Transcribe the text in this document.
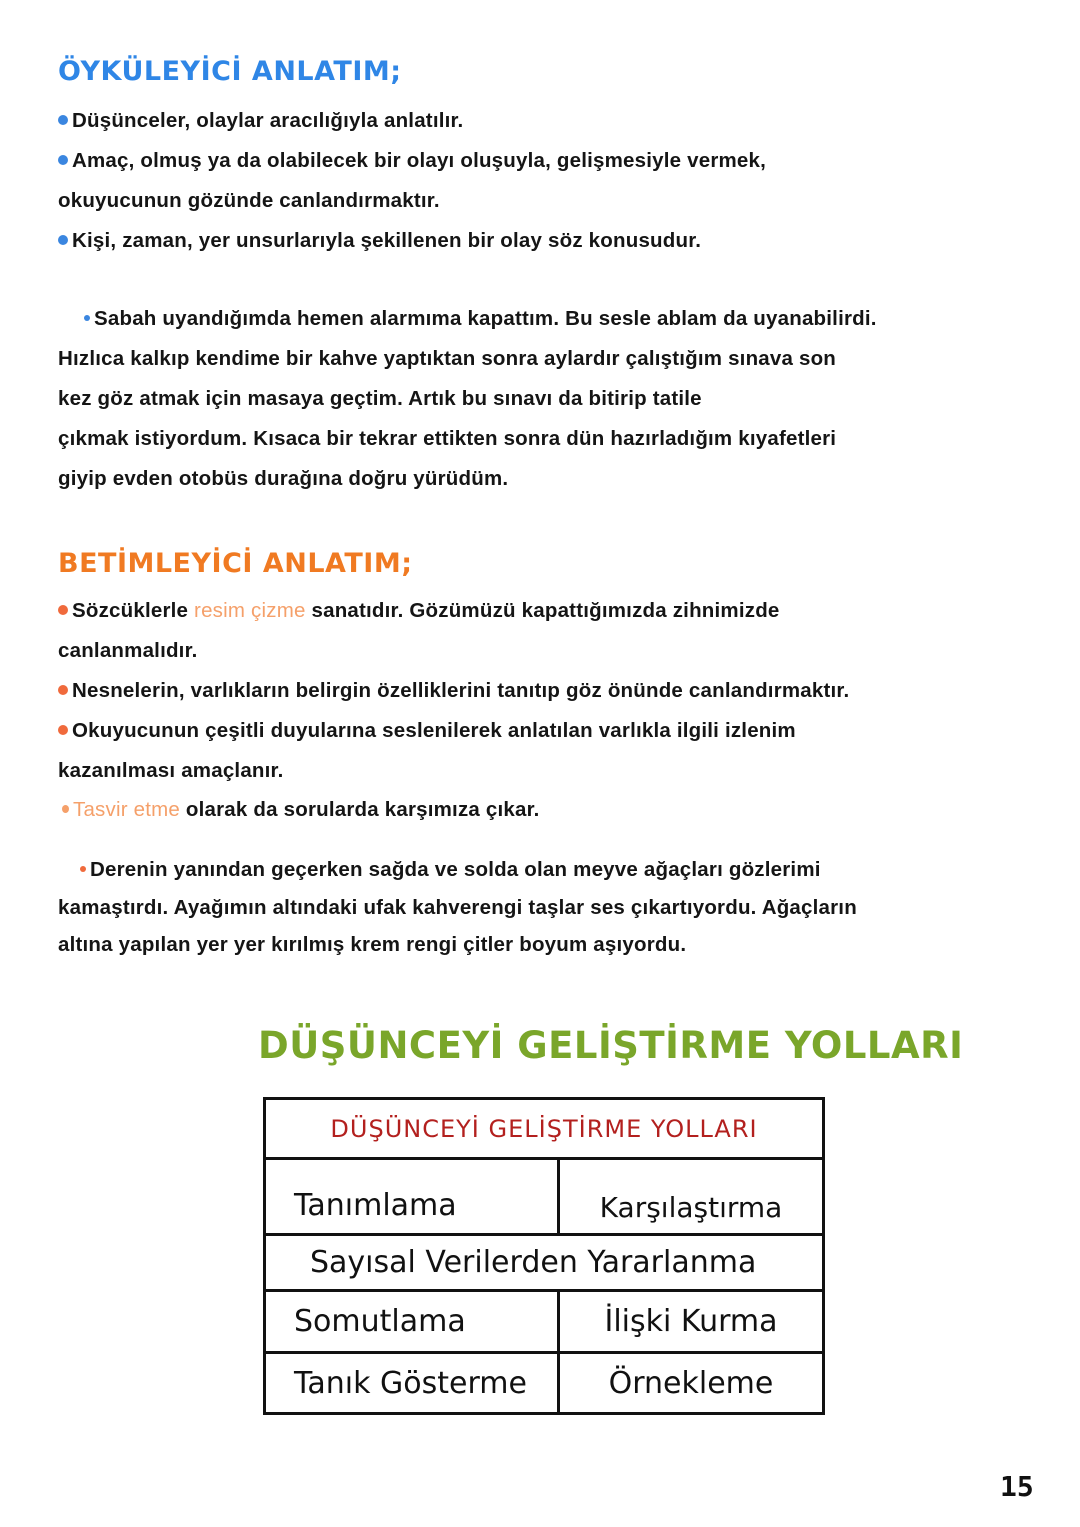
ÖYKÜLEYİCİ ANLATIM;
Düşünceler, olaylar aracılığıyla anlatılır.
Amaç, olmuş ya da olabilecek bir olayı oluşuyla, gelişmesiyle vermek,
okuyucunun gözünde canlandırmaktır.
Kişi, zaman, yer unsurlarıyla şekillenen bir olay söz konusudur.
Sabah uyandığımda hemen alarmıma kapattım. Bu sesle ablam da uyanabilirdi.
Hızlıca kalkıp kendime bir kahve yaptıktan sonra aylardır çalıştığım sınava son
kez göz atmak için masaya geçtim. Artık bu sınavı da bitirip tatile
çıkmak istiyordum. Kısaca bir tekrar ettikten sonra dün hazırladığım kıyafetleri
giyip evden otobüs durağına doğru yürüdüm.
BETİMLEYİCİ ANLATIM;
Sözcüklerle resim çizme sanatıdır. Gözümüzü kapattığımızda zihnimizde
canlanmalıdır.
Nesnelerin, varlıkların belirgin özelliklerini tanıtıp göz önünde canlandırmaktır.
Okuyucunun çeşitli duyularına seslenilerek anlatılan varlıkla ilgili izlenim
kazanılması amaçlanır.
Tasvir etme olarak da sorularda karşımıza çıkar.
Derenin yanından geçerken sağda ve solda olan meyve ağaçları gözlerimi
kamaştırdı. Ayağımın altındaki ufak kahverengi taşlar ses çıkartıyordu. Ağaçların
altına yapılan yer yer kırılmış krem rengi çitler boyum aşıyordu.
DÜŞÜNCEYİ GELİŞTİRME YOLLARI
DÜŞÜNCEYİ GELİŞTİRME YOLLARI
Tanımlama	Karşılaştırma
Sayısal Verilerden Yararlanma
Somutlama	İlişki Kurma
Tanık Gösterme	Örnekleme
15
